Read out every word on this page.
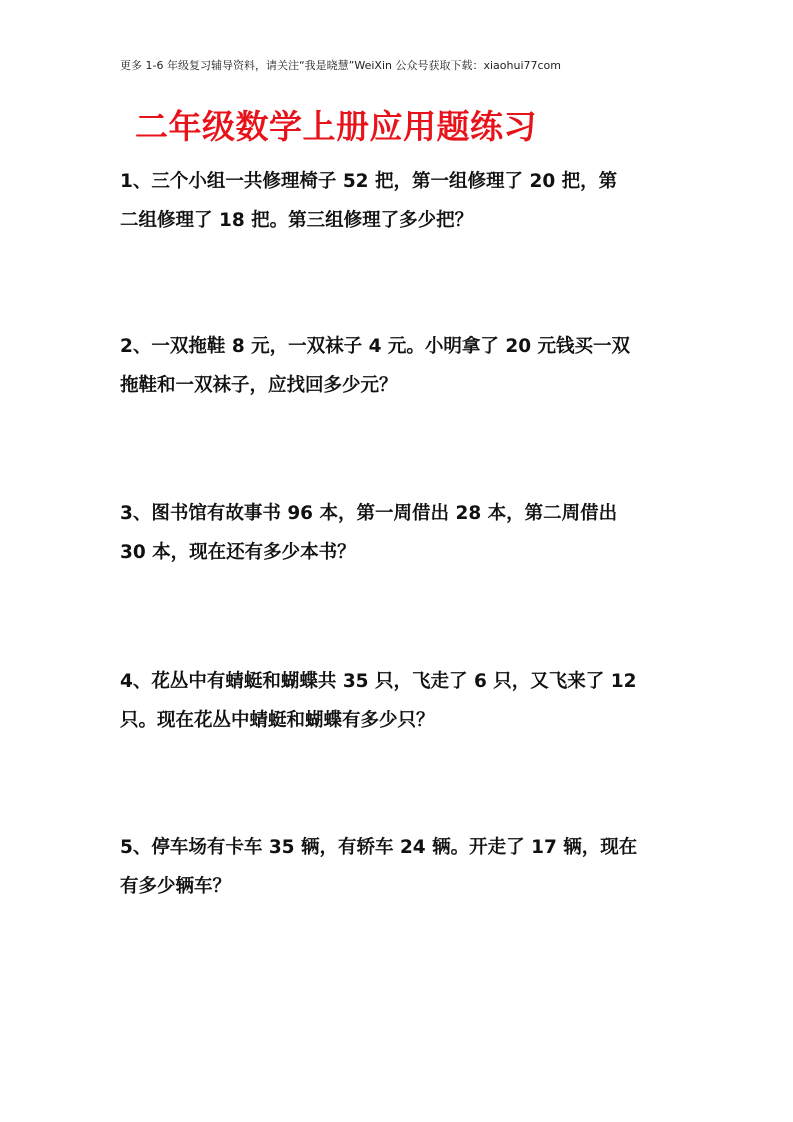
更多 1-6 年级复习辅导资料，请关注“我是晓慧”WeiXin 公众号获取下载：xiaohui77com
二年级数学上册应用题练习
1、三个小组一共修理椅子 52 把，第一组修理了 20 把，第
二组修理了 18 把。第三组修理了多少把？
2、一双拖鞋 8 元，一双袜子 4 元。小明拿了 20 元钱买一双
拖鞋和一双袜子，应找回多少元？
3、图书馆有故事书 96 本，第一周借出 28 本，第二周借出
30 本，现在还有多少本书？
4、花丛中有蜻蜓和蝴蝶共 35 只，飞走了 6 只，又飞来了 12
只。现在花丛中蜻蜓和蝴蝶有多少只？
5、停车场有卡车 35 辆，有轿车 24 辆。开走了 17 辆，现在
有多少辆车？
